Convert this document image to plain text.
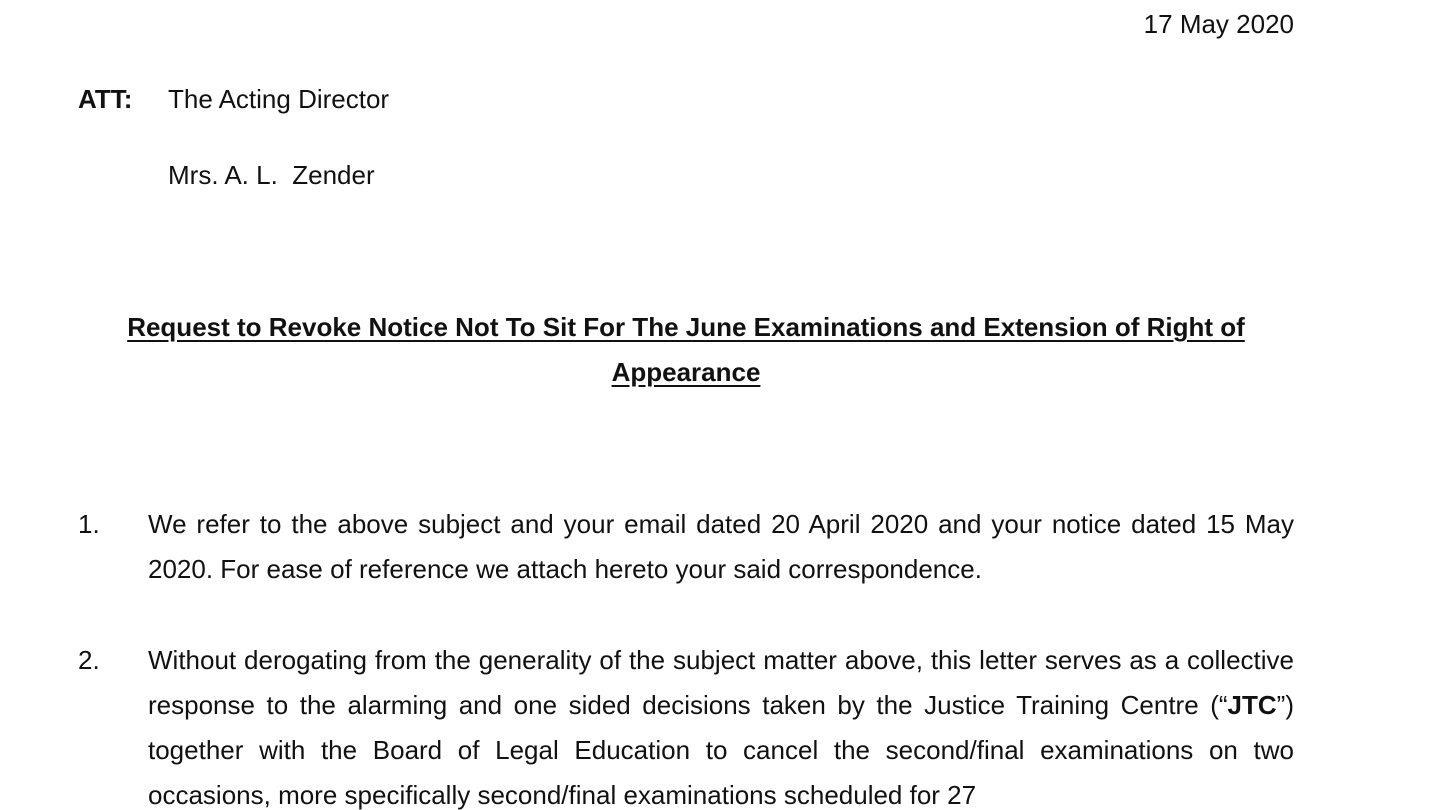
17 May 2020
ATT: The Acting Director
Mrs. A. L.  Zender
Request to Revoke Notice Not To Sit For The June Examinations and Extension of Right of Appearance
1. We refer to the above subject and your email dated 20 April 2020 and your notice dated 15 May 2020. For ease of reference we attach hereto your said correspondence.
2. Without derogating from the generality of the subject matter above, this letter serves as a collective response to the alarming and one sided decisions taken by the Justice Training Centre (“JTC”) together with the Board of Legal Education to cancel the second/final examinations on two occasions, more specifically second/final examinations scheduled for 27
